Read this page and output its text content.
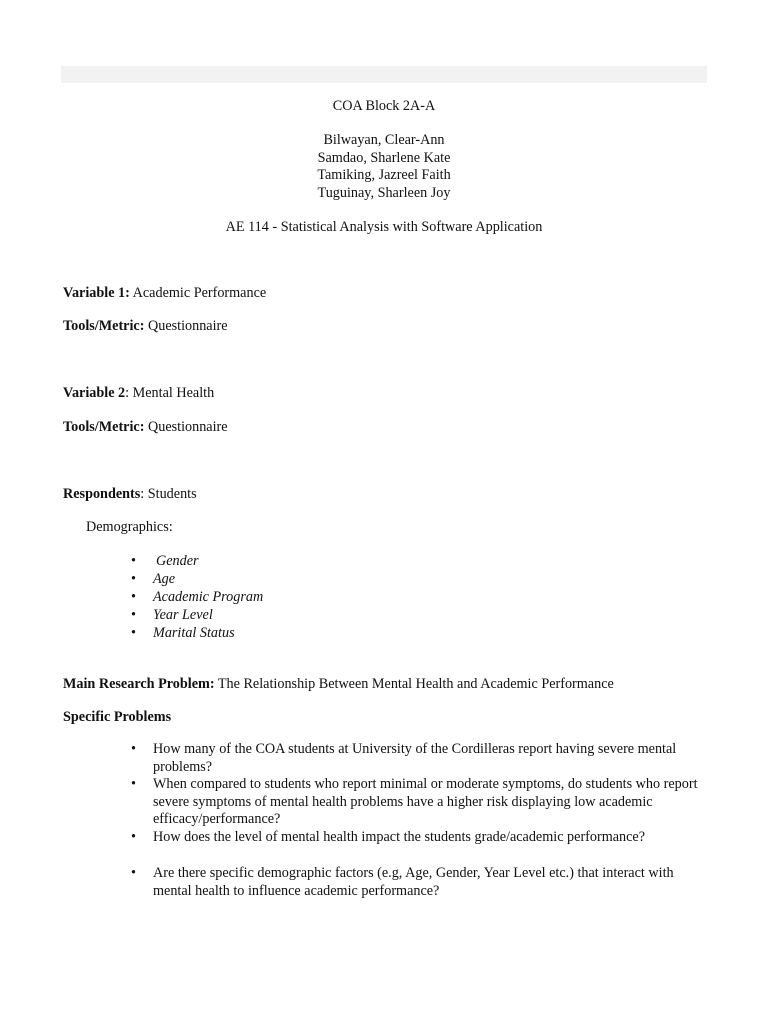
COA Block 2A-A
Bilwayan, Clear-Ann
Samdao, Sharlene Kate
Tamiking, Jazreel Faith
Tuguinay, Sharleen Joy
AE 114 - Statistical Analysis with Software Application
Variable 1: Academic Performance
Tools/Metric: Questionnaire
Variable 2: Mental Health
Tools/Metric: Questionnaire
Respondents: Students
Demographics:
• Gender
• Age
• Academic Program
• Year Level
• Marital Status
Main Research Problem: The Relationship Between Mental Health and Academic Performance
Specific Problems
• How many of the COA students at University of the Cordilleras report having severe mental problems?
• When compared to students who report minimal or moderate symptoms, do students who report severe symptoms of mental health problems have a higher risk displaying low academic efficacy/performance?
• How does the level of mental health impact the students grade/academic performance?
• Are there specific demographic factors (e.g, Age, Gender, Year Level etc.) that interact with mental health to influence academic performance?
